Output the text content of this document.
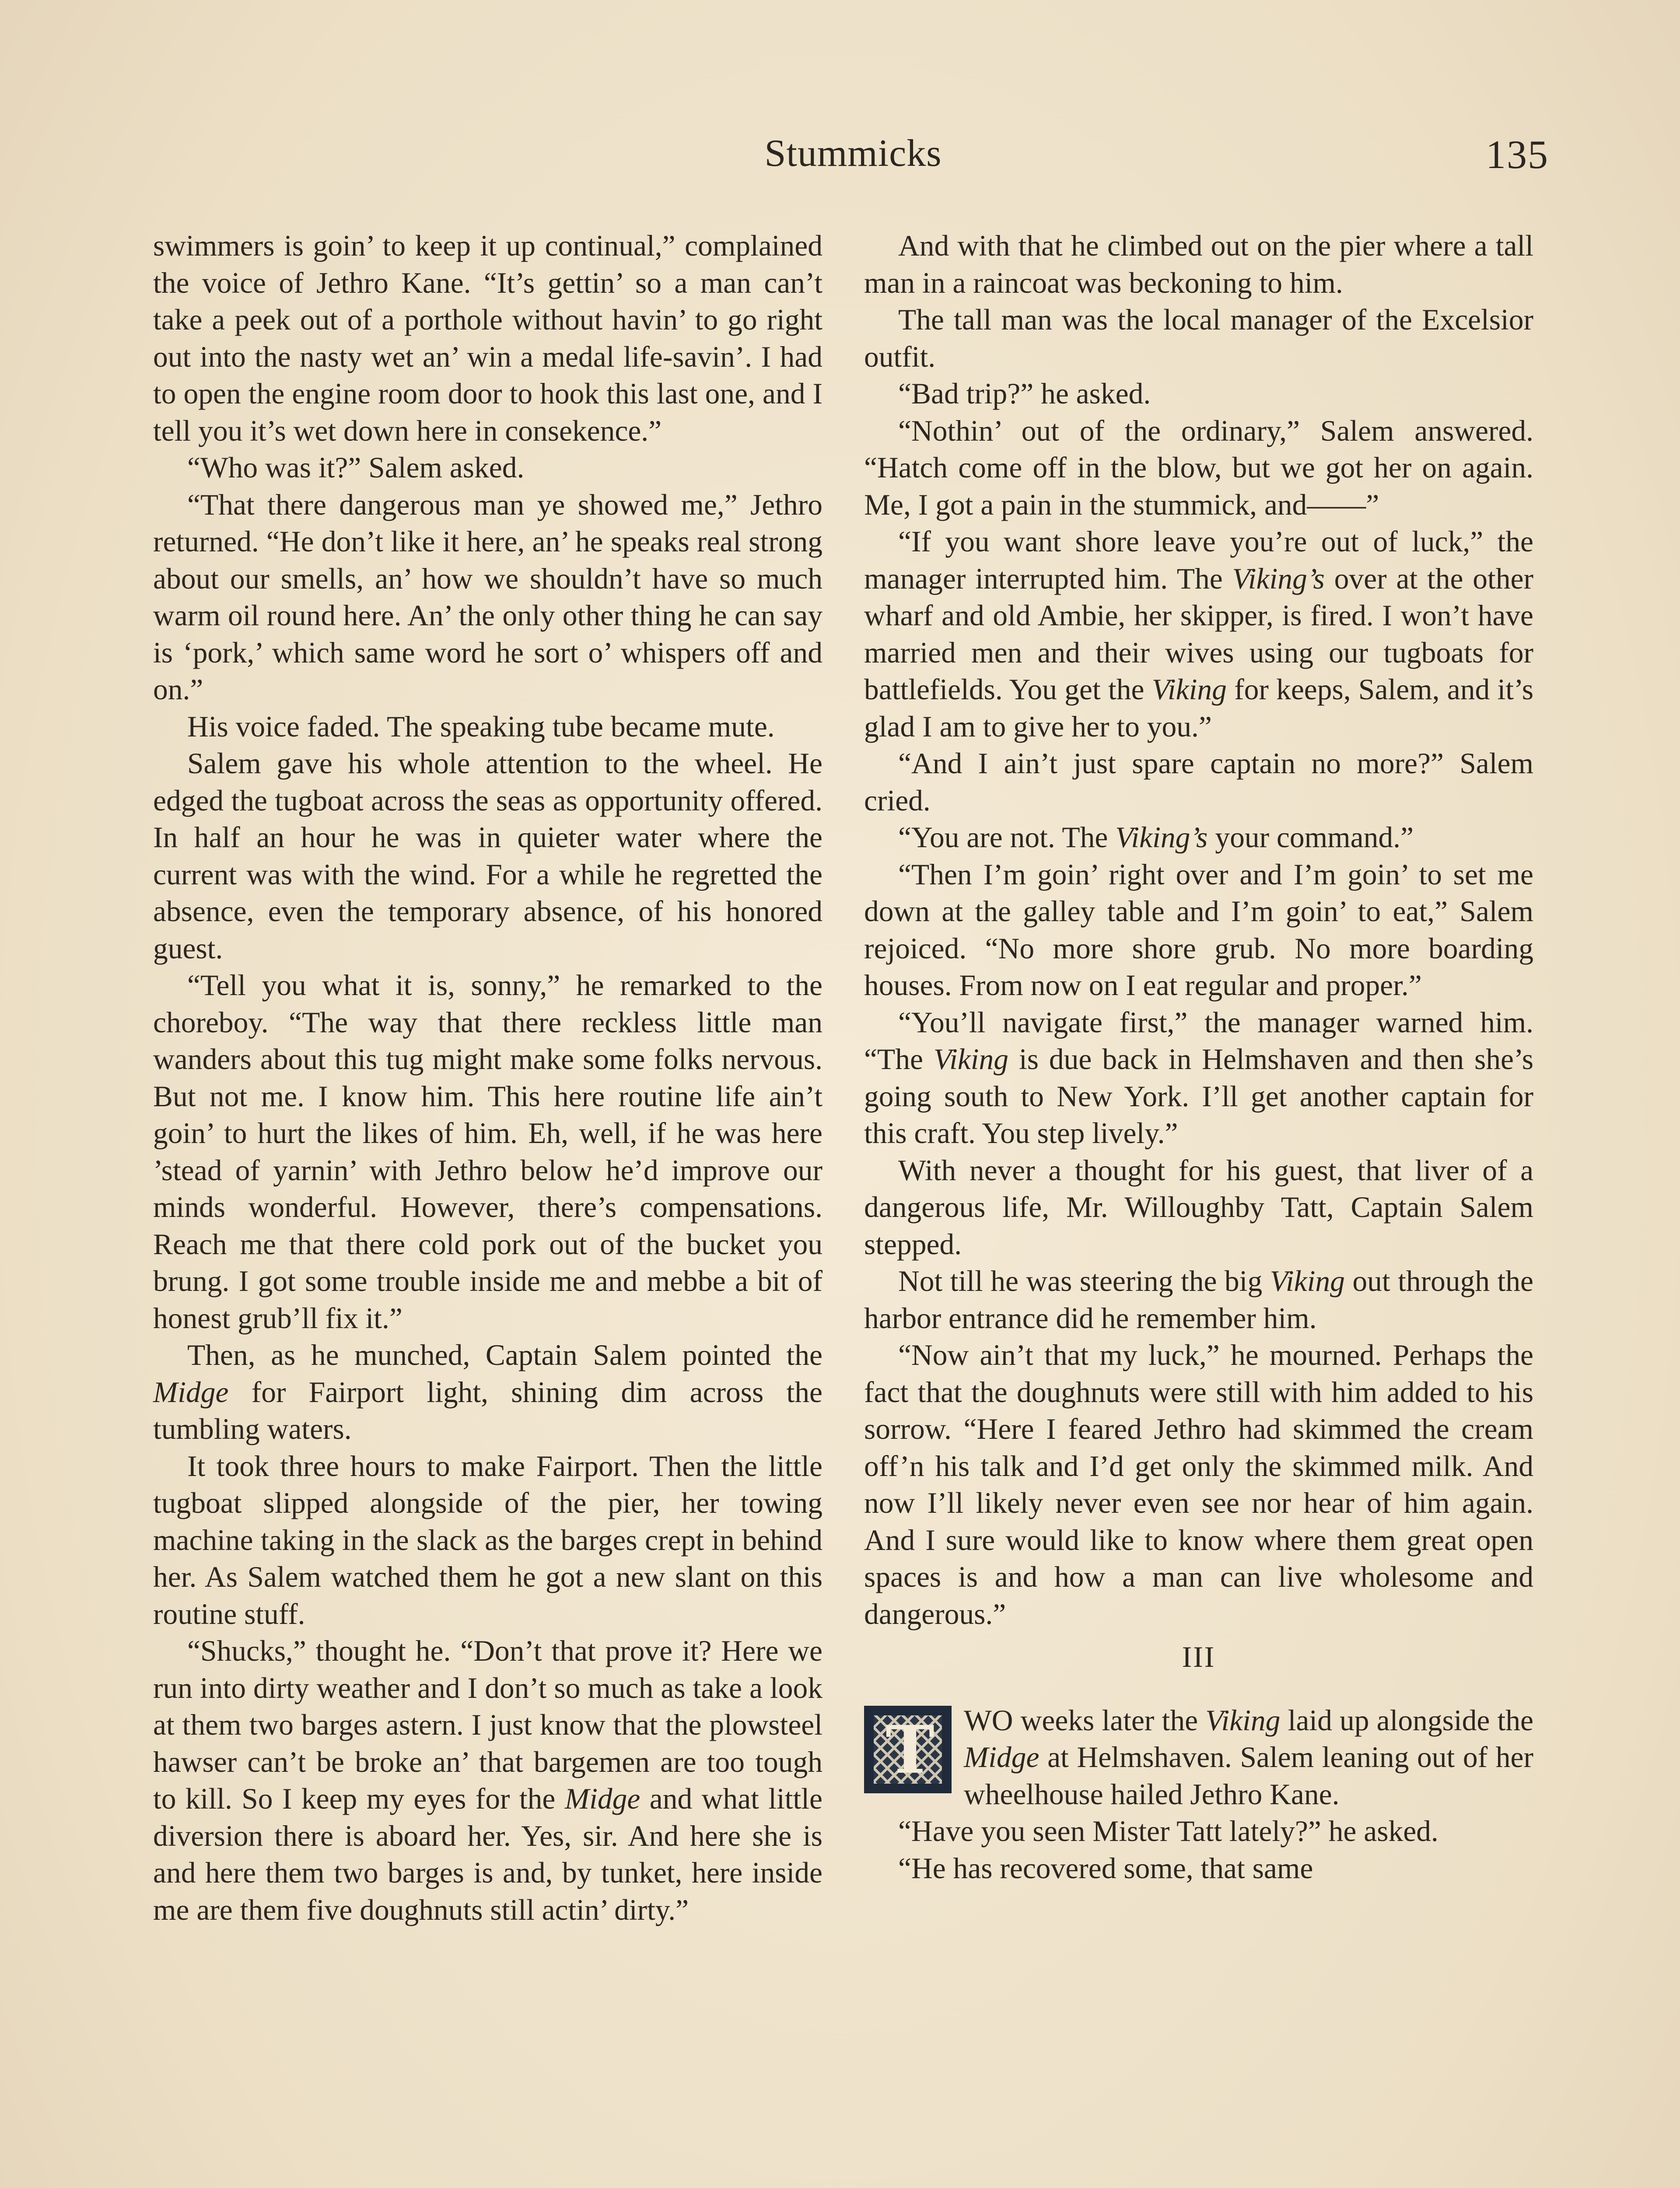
Stummicks	135

swimmers is goin’ to keep it up continual,” complained the voice of Jethro Kane. “It’s gettin’ so a man can’t take a peek out of a porthole without havin’ to go right out into the nasty wet an’ win a medal life-savin’. I had to open the engine room door to hook this last one, and I tell you it’s wet down here in consekence.”

“Who was it?” Salem asked.

“That there dangerous man ye showed me,” Jethro returned. “He don’t like it here, an’ he speaks real strong about our smells, an’ how we shouldn’t have so much warm oil round here. An’ the only other thing he can say is ‘pork,’ which same word he sort o’ whispers off and on.”

His voice faded. The speaking tube became mute.

Salem gave his whole attention to the wheel. He edged the tugboat across the seas as opportunity offered. In half an hour he was in quieter water where the current was with the wind. For a while he regretted the absence, even the temporary absence, of his honored guest.

“Tell you what it is, sonny,” he remarked to the choreboy. “The way that there reckless little man wanders about this tug might make some folks nervous. But not me. I know him. This here routine life ain’t goin’ to hurt the likes of him. Eh, well, if he was here ’stead of yarnin’ with Jethro below he’d improve our minds wonderful. However, there’s compensations. Reach me that there cold pork out of the bucket you brung. I got some trouble inside me and mebbe a bit of honest grub’ll fix it.”

Then, as he munched, Captain Salem pointed the Midge for Fairport light, shining dim across the tumbling waters.

It took three hours to make Fairport. Then the little tugboat slipped alongside of the pier, her towing machine taking in the slack as the barges crept in behind her. As Salem watched them he got a new slant on this routine stuff.

“Shucks,” thought he. “Don’t that prove it? Here we run into dirty weather and I don’t so much as take a look at them two barges astern. I just know that the plowsteel hawser can’t be broke an’ that bargemen are too tough to kill. So I keep my eyes for the Midge and what little diversion there is aboard her. Yes, sir. And here she is and here them two barges is and, by tunket, here inside me are them five doughnuts still actin’ dirty.”

And with that he climbed out on the pier where a tall man in a raincoat was beckoning to him.

The tall man was the local manager of the Excelsior outfit.

“Bad trip?” he asked.

“Nothin’ out of the ordinary,” Salem answered. “Hatch come off in the blow, but we got her on again. Me, I got a pain in the stummick, and——”

“If you want shore leave you’re out of luck,” the manager interrupted him. The Viking’s over at the other wharf and old Ambie, her skipper, is fired. I won’t have married men and their wives using our tugboats for battlefields. You get the Viking for keeps, Salem, and it’s glad I am to give her to you.”

“And I ain’t just spare captain no more?” Salem cried.

“You are not. The Viking’s your command.”

“Then I’m goin’ right over and I’m goin’ to set me down at the galley table and I’m goin’ to eat,” Salem rejoiced. “No more shore grub. No more boarding houses. From now on I eat regular and proper.”

“You’ll navigate first,” the manager warned him. “The Viking is due back in Helmshaven and then she’s going south to New York. I’ll get another captain for this craft. You step lively.”

With never a thought for his guest, that liver of a dangerous life, Mr. Willoughby Tatt, Captain Salem stepped.

Not till he was steering the big Viking out through the harbor entrance did he remember him.

“Now ain’t that my luck,” he mourned. Perhaps the fact that the doughnuts were still with him added to his sorrow. “Here I feared Jethro had skimmed the cream off’n his talk and I’d get only the skimmed milk. And now I’ll likely never even see nor hear of him again. And I sure would like to know where them great open spaces is and how a man can live wholesome and dangerous.”

III

T	WO weeks later the Viking laid up alongside the Midge at Helmshaven. Salem leaning out of her wheelhouse hailed Jethro Kane.

“Have you seen Mister Tatt lately?” he asked.

“He has recovered some, that same
